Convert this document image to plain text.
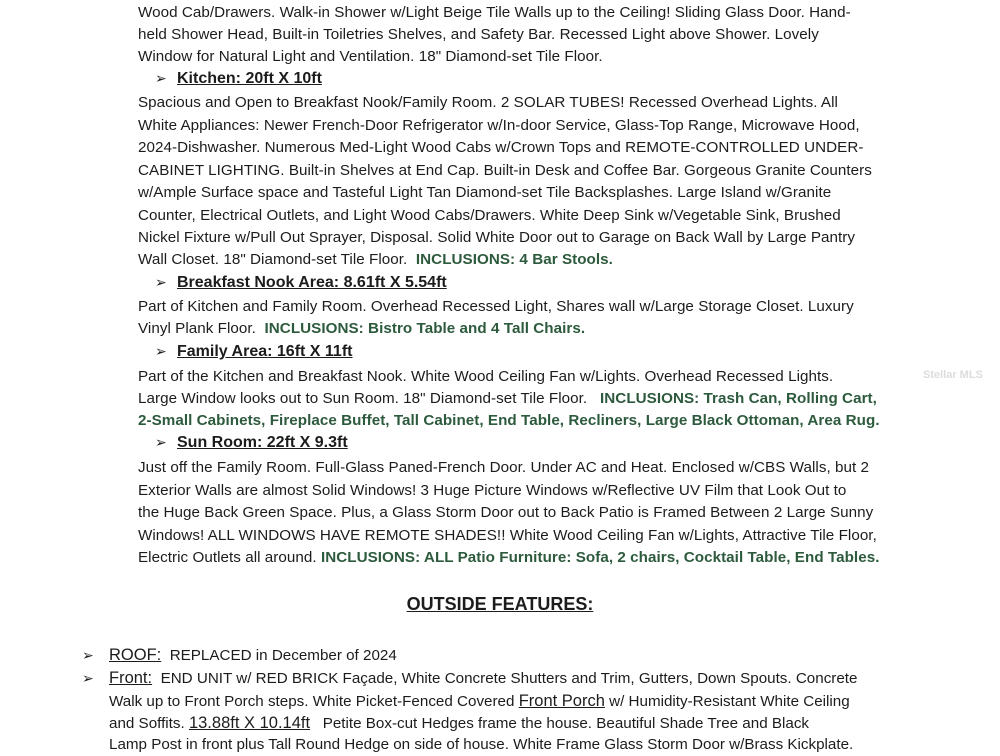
Wood Cab/Drawers. Walk-in Shower w/Light Beige Tile Walls up to the Ceiling! Sliding Glass Door. Hand-
held Shower Head, Built-in Toiletries Shelves, and Safety Bar. Recessed Light above Shower. Lovely
Window for Natural Light and Ventilation. 18" Diamond-set Tile Floor.
➢ Kitchen: 20ft X 10ft
Spacious and Open to Breakfast Nook/Family Room. 2 SOLAR TUBES! Recessed Overhead Lights. All
White Appliances: Newer French-Door Refrigerator w/In-door Service, Glass-Top Range, Microwave Hood,
2024-Dishwasher. Numerous Med-Light Wood Cabs w/Crown Tops and REMOTE-CONTROLLED UNDER-
CABINET LIGHTING. Built-in Shelves at End Cap. Built-in Desk and Coffee Bar. Gorgeous Granite Counters
w/Ample Surface space and Tasteful Light Tan Diamond-set Tile Backsplashes. Large Island w/Granite
Counter, Electrical Outlets, and Light Wood Cabs/Drawers. White Deep Sink w/Vegetable Sink, Brushed
Nickel Fixture w/Pull Out Sprayer, Disposal. Solid White Door out to Garage on Back Wall by Large Pantry
Wall Closet. 18" Diamond-set Tile Floor. INCLUSIONS: 4 Bar Stools.
➢ Breakfast Nook Area: 8.61ft X 5.54ft
Part of Kitchen and Family Room. Overhead Recessed Light, Shares wall w/Large Storage Closet. Luxury
Vinyl Plank Floor. INCLUSIONS: Bistro Table and 4 Tall Chairs.
➢ Family Area: 16ft X 11ft
Part of the Kitchen and Breakfast Nook. White Wood Ceiling Fan w/Lights. Overhead Recessed Lights.
Large Window looks out to Sun Room. 18" Diamond-set Tile Floor. INCLUSIONS: Trash Can, Rolling Cart,
2-Small Cabinets, Fireplace Buffet, Tall Cabinet, End Table, Recliners, Large Black Ottoman, Area Rug.
➢ Sun Room: 22ft X 9.3ft
Just off the Family Room. Full-Glass Paned-French Door. Under AC and Heat. Enclosed w/CBS Walls, but 2
Exterior Walls are almost Solid Windows! 3 Huge Picture Windows w/Reflective UV Film that Look Out to
the Huge Back Green Space. Plus, a Glass Storm Door out to Back Patio is Framed Between 2 Large Sunny
Windows! ALL WINDOWS HAVE REMOTE SHADES!! White Wood Ceiling Fan w/Lights, Attractive Tile Floor,
Electric Outlets all around. INCLUSIONS: ALL Patio Furniture: Sofa, 2 chairs, Cocktail Table, End Tables.
OUTSIDE FEATURES:
➢ ROOF: REPLACED in December of 2024
➢ Front: END UNIT w/ RED BRICK Façade, White Concrete Shutters and Trim, Gutters, Down Spouts. Concrete
Walk up to Front Porch steps. White Picket-Fenced Covered Front Porch w/ Humidity-Resistant White Ceiling
and Soffits. 13.88ft X 10.14ft Petite Box-cut Hedges frame the house. Beautiful Shade Tree and Black
Lamp Post in front plus Tall Round Hedge on side of house. White Frame Glass Storm Door w/Brass Kickplate.
Stellar MLS
